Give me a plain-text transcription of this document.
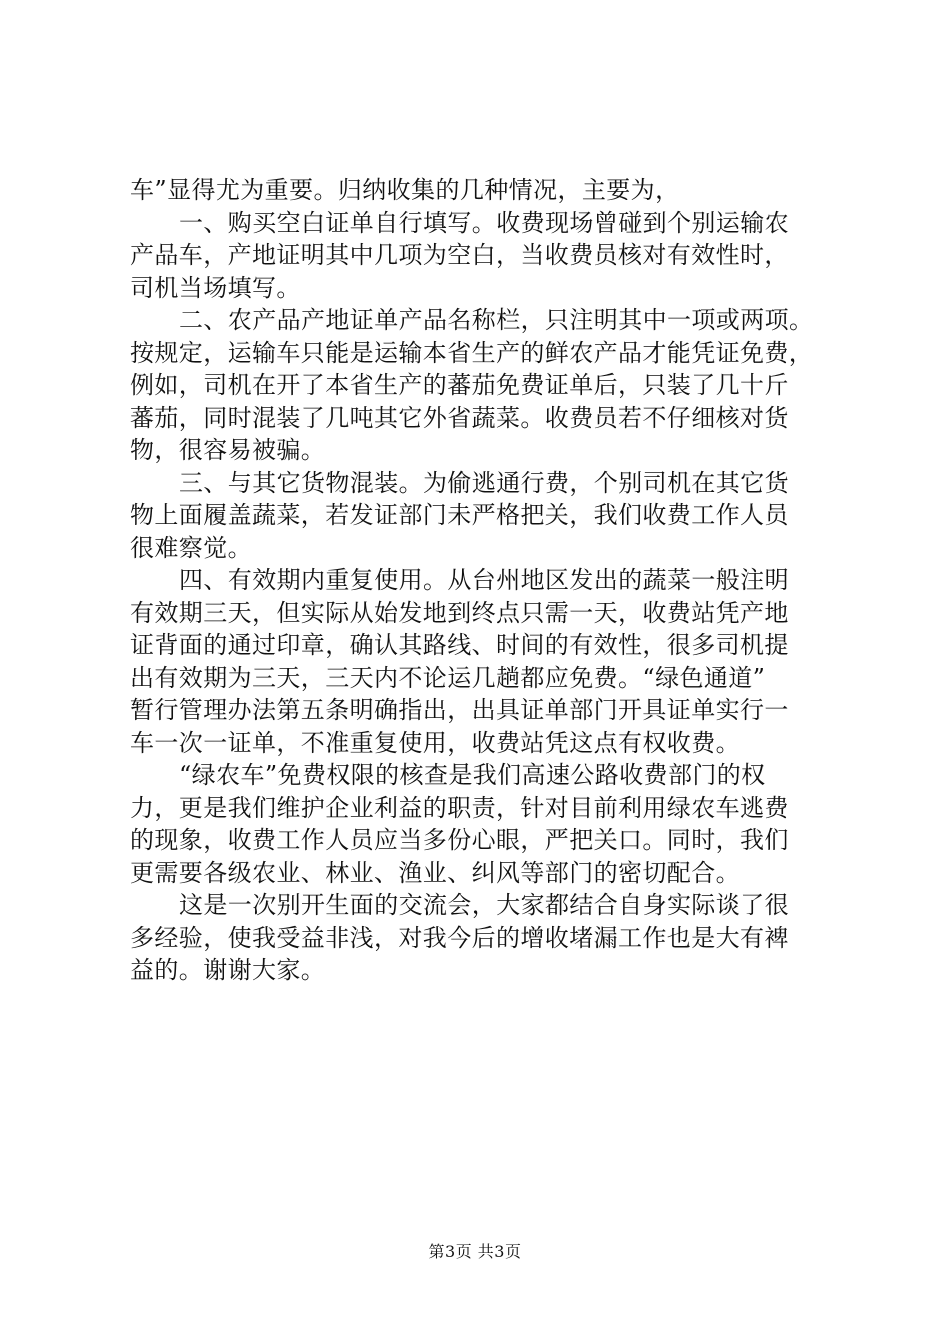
车”显得尤为重要。归纳收集的几种情况，主要为，
一、购买空白证单自行填写。收费现场曾碰到个别运输农
产品车，产地证明其中几项为空白，当收费员核对有效性时，
司机当场填写。
二、农产品产地证单产品名称栏，只注明其中一项或两项。
按规定，运输车只能是运输本省生产的鲜农产品才能凭证免费，
例如，司机在开了本省生产的蕃茄免费证单后，只装了几十斤
蕃茄，同时混装了几吨其它外省蔬菜。收费员若不仔细核对货
物，很容易被骗。
三、与其它货物混装。为偷逃通行费，个别司机在其它货
物上面履盖蔬菜，若发证部门未严格把关，我们收费工作人员
很难察觉。
四、有效期内重复使用。从台州地区发出的蔬菜一般注明
有效期三天，但实际从始发地到终点只需一天，收费站凭产地
证背面的通过印章，确认其路线、时间的有效性，很多司机提
出有效期为三天，三天内不论运几趟都应免费。“绿色通道”
暂行管理办法第五条明确指出，出具证单部门开具证单实行一
车一次一证单，不准重复使用，收费站凭这点有权收费。
“绿农车”免费权限的核查是我们高速公路收费部门的权
力，更是我们维护企业利益的职责，针对目前利用绿农车逃费
的现象，收费工作人员应当多份心眼，严把关口。同时，我们
更需要各级农业、林业、渔业、纠风等部门的密切配合。
这是一次别开生面的交流会，大家都结合自身实际谈了很
多经验，使我受益非浅，对我今后的增收堵漏工作也是大有裨
益的。谢谢大家。
第3页 共3页
